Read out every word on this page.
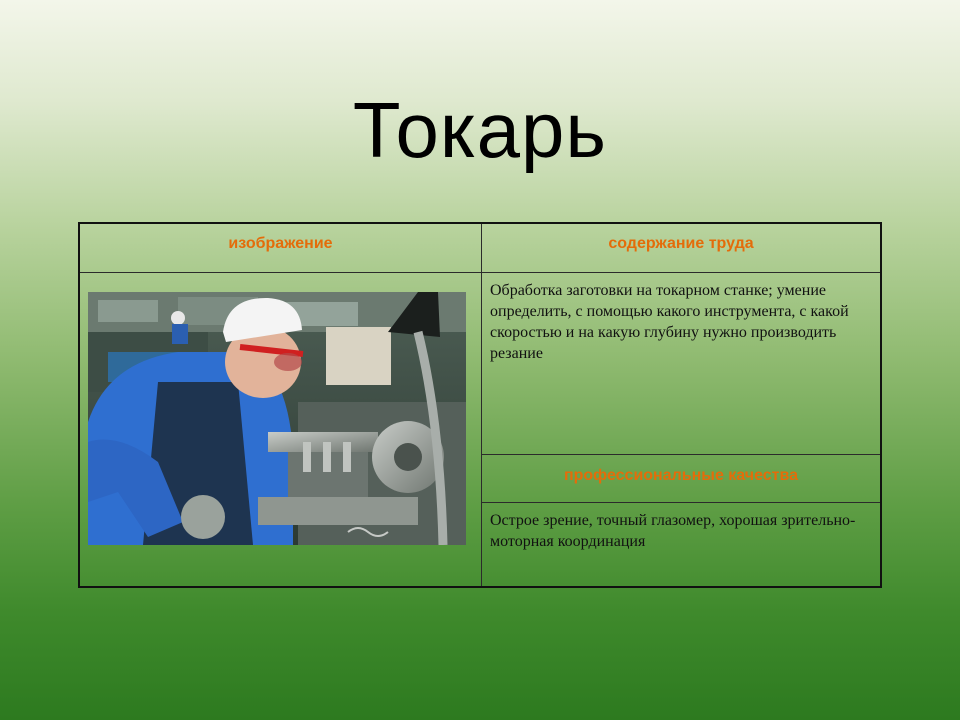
Токарь
изображение	содержание труда
Обработка заготовки на токарном станке; умение определить, с помощью какого инструмента, с какой скоростью и на какую глубину нужно производить резание
профессиональные качества
Острое зрение, точный глазомер, хорошая зрительно-моторная координация
